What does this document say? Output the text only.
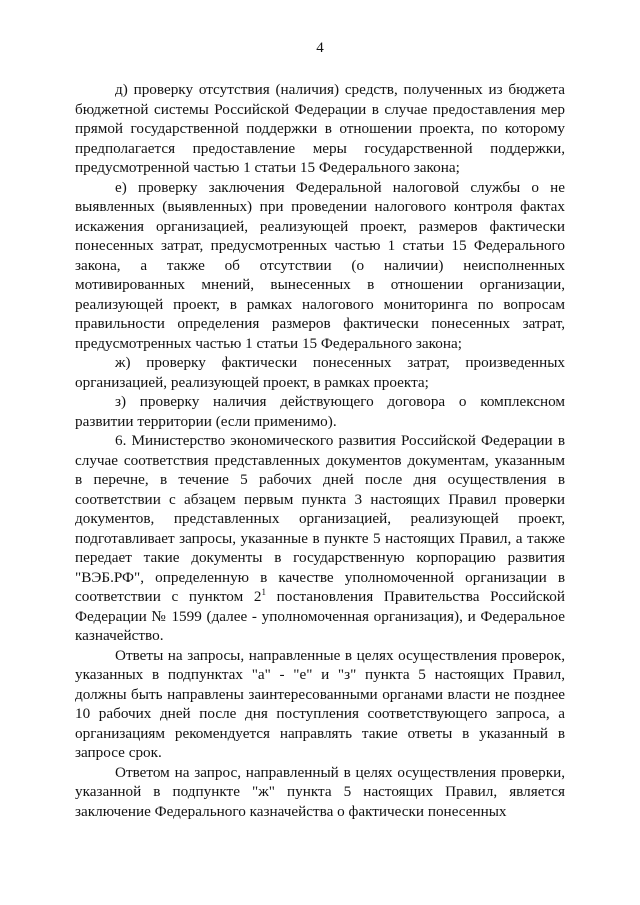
4

д) проверку отсутствия (наличия) средств, полученных из бюджета бюджетной системы Российской Федерации в случае предоставления мер прямой государственной поддержки в отношении проекта, по которому предполагается предоставление меры государственной поддержки, предусмотренной частью 1 статьи 15 Федерального закона;

е) проверку заключения Федеральной налоговой службы о не выявленных (выявленных) при проведении налогового контроля фактах искажения организацией, реализующей проект, размеров фактически понесенных затрат, предусмотренных частью 1 статьи 15 Федерального закона, а также об отсутствии (о наличии) неисполненных мотивированных мнений, вынесенных в отношении организации, реализующей проект, в рамках налогового мониторинга по вопросам правильности определения размеров фактически понесенных затрат, предусмотренных частью 1 статьи 15 Федерального закона;

ж) проверку фактически понесенных затрат, произведенных организацией, реализующей проект, в рамках проекта;

з) проверку наличия действующего договора о комплексном развитии территории (если применимо).

6. Министерство экономического развития Российской Федерации в случае соответствия представленных документов документам, указанным в перечне, в течение 5 рабочих дней после дня осуществления в соответствии с абзацем первым пункта 3 настоящих Правил проверки документов, представленных организацией, реализующей проект, подготавливает запросы, указанные в пункте 5 настоящих Правил, а также передает такие документы в государственную корпорацию развития "ВЭБ.РФ", определенную в качестве уполномоченной организации в соответствии с пунктом $2^1$ постановления Правительства Российской Федерации № 1599 (далее - уполномоченная организация), и Федеральное казначейство.

Ответы на запросы, направленные в целях осуществления проверок, указанных в подпунктах "а" - "е" и "з" пункта 5 настоящих Правил, должны быть направлены заинтересованными органами власти не позднее 10 рабочих дней после дня поступления соответствующего запроса, а организациям рекомендуется направлять такие ответы в указанный в запросе срок.

Ответом на запрос, направленный в целях осуществления проверки, указанной в подпункте "ж" пункта 5 настоящих Правил, является заключение Федерального казначейства о фактически понесенных
